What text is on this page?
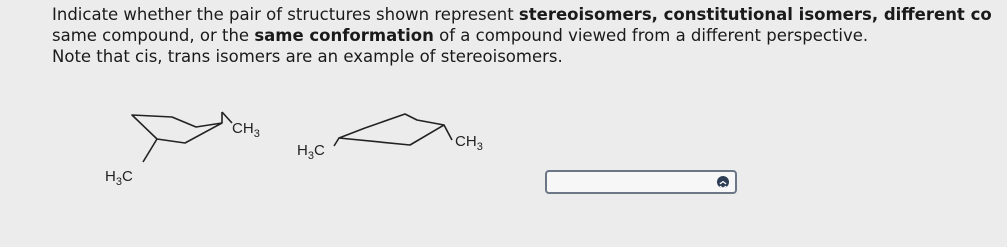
Indicate whether the pair of structures shown represent stereoisomers, constitutional isomers, different co
same compound, or the same conformation of a compound viewed from a different perspective.
Note that cis, trans isomers are an example of stereoisomers.
$CH_3$
$H_3C$
$H_3C$
$CH_3$
